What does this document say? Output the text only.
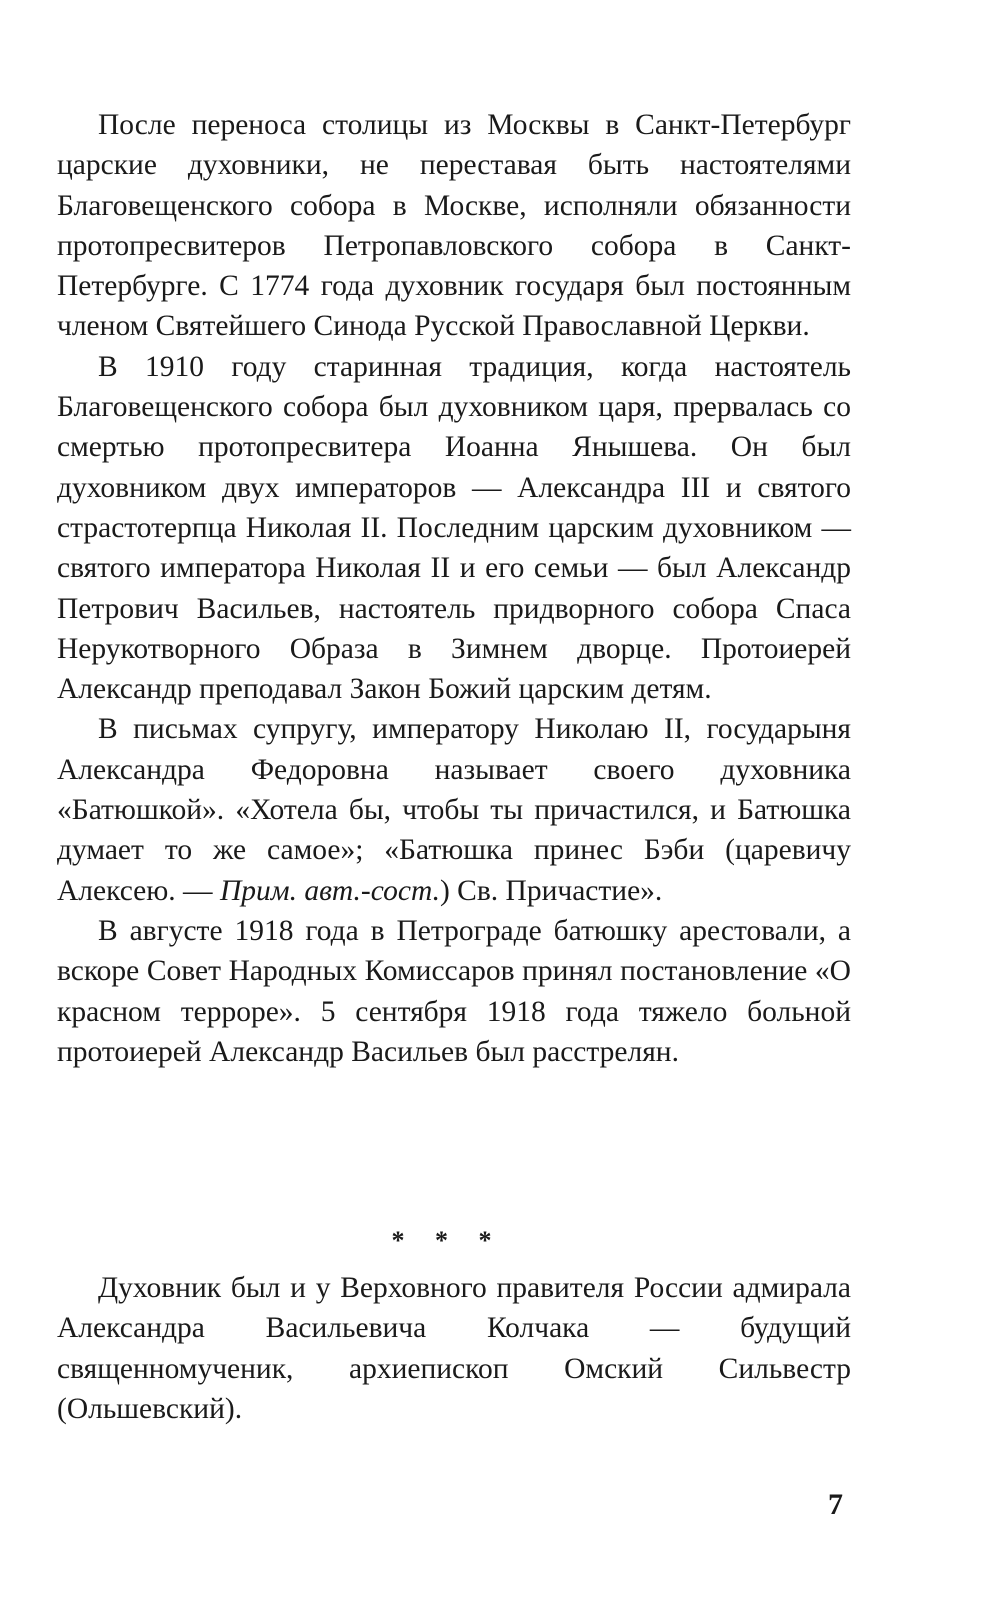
После переноса столицы из Москвы в Санкт-Петербург царские духовники, не переставая быть настоятелями Благовещенского собора в Москве, исполняли обязанности протопресвитеров Петропавловского собора в Санкт-Петербурге. С 1774 года духовник государя был постоянным членом Святейшего Синода Русской Православной Церкви.

В 1910 году старинная традиция, когда настоятель Благовещенского собора был духовником царя, прервалась со смертью протопресвитера Иоанна Янышева. Он был духовником двух императоров — Александра III и святого страстотерпца Николая II. Последним царским духовником — святого императора Николая II и его семьи — был Александр Петрович Васильев, настоятель придворного собора Спаса Нерукотворного Образа в Зимнем дворце. Протоиерей Александр преподавал Закон Божий царским детям.

В письмах супругу, императору Николаю II, государыня Александра Федоровна называет своего духовника «Батюшкой». «Хотела бы, чтобы ты причастился, и Батюшка думает то же самое»; «Батюшка принес Бэби (царевичу Алексею. — Прим. авт.-сост.) Св. Причастие».

В августе 1918 года в Петрограде батюшку арестовали, а вскоре Совет Народных Комиссаров принял постановление «О красном терроре». 5 сентября 1918 года тяжело больной протоиерей Александр Васильев был расстрелян.

* * *

Духовник был и у Верховного правителя России адмирала Александра Васильевича Колчака — будущий священномученик, архиепископ Омский Сильвестр (Ольшевский).

7
